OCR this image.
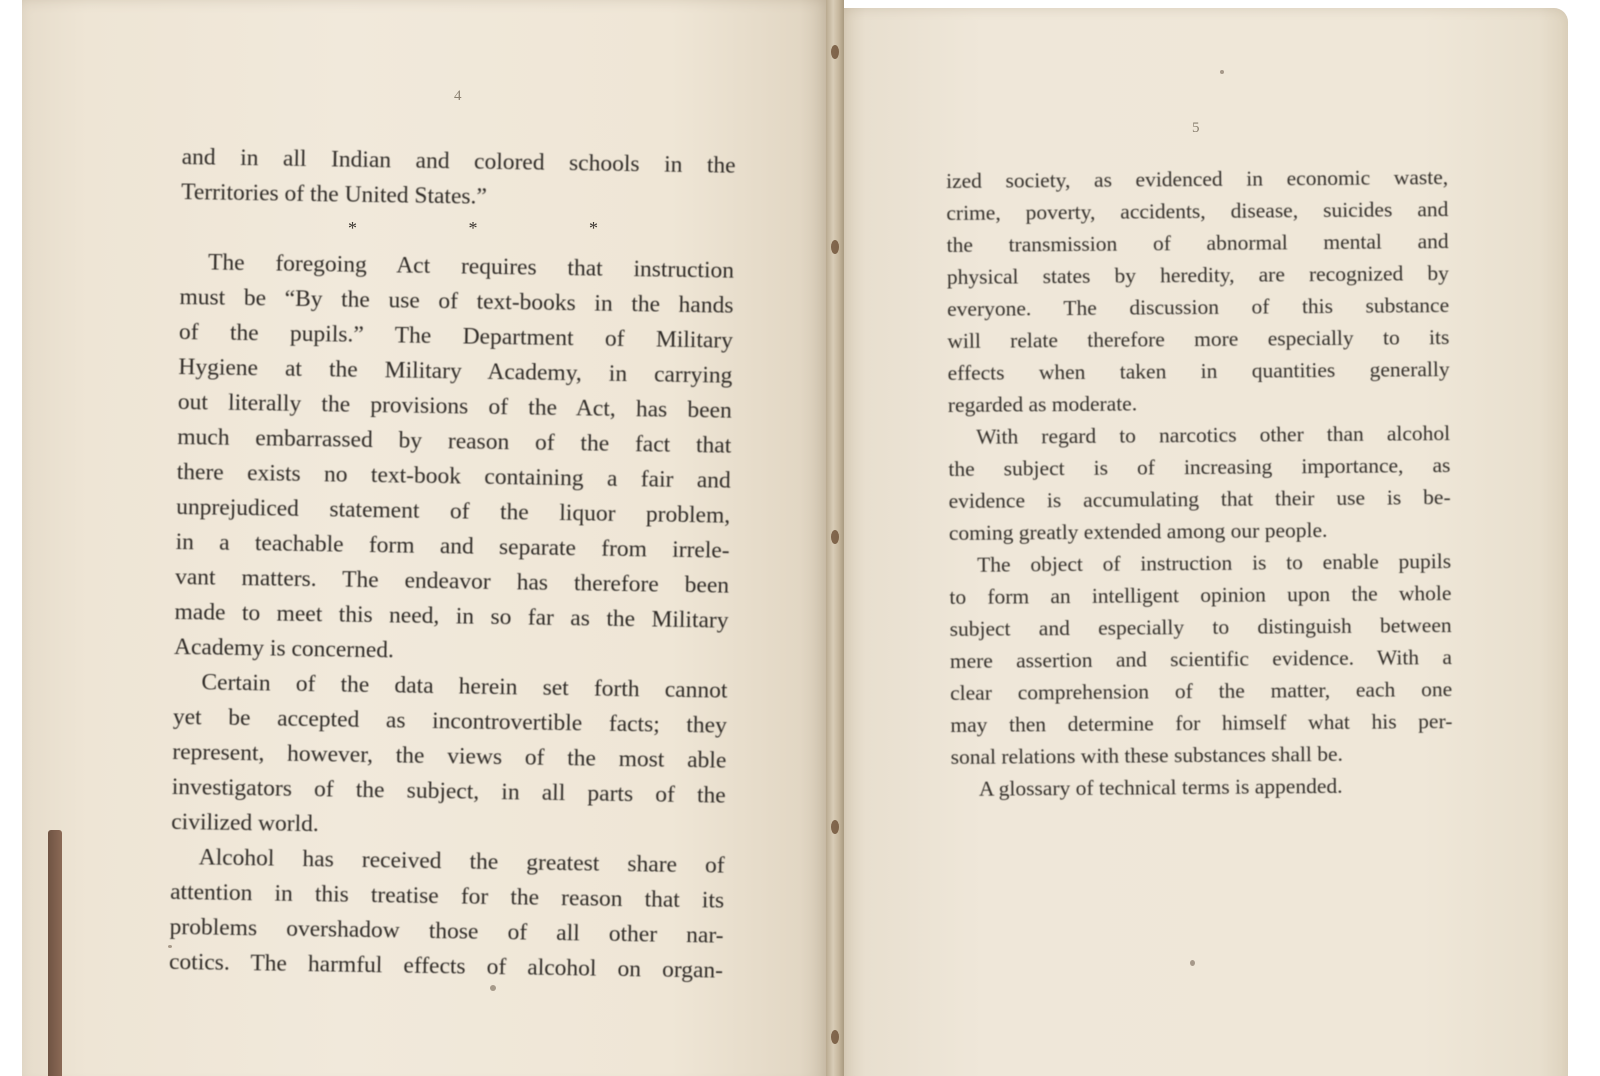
4
5
and in all Indian and colored schools in the
Territories of the United States.”

The foregoing Act requires that instruction
must be “By the use of text-books in the hands
of the pupils.” The Department of Military
Hygiene at the Military Academy, in carrying
out literally the provisions of the Act, has been
much embarrassed by reason of the fact that
there exists no text-book containing a fair and
unprejudiced statement of the liquor problem,
in a teachable form and separate from irrele-
vant matters. The endeavor has therefore been
made to meet this need, in so far as the Military
Academy is concerned.

Certain of the data herein set forth cannot
yet be accepted as incontrovertible facts; they
represent, however, the views of the most able
investigators of the subject, in all parts of the
civilized world.

Alcohol has received the greatest share of
attention in this treatise for the reason that its
problems overshadow those of all other nar-
cotics. The harmful effects of alcohol on organ-

*	*	*

ized society, as evidenced in economic waste,
crime, poverty, accidents, disease, suicides and
the transmission of abnormal mental and
physical states by heredity, are recognized by
everyone. The discussion of this substance
will relate therefore more especially to its
effects when taken in quantities generally
regarded as moderate.

With regard to narcotics other than alcohol
the subject is of increasing importance, as
evidence is accumulating that their use is be-
coming greatly extended among our people.

The object of instruction is to enable pupils
to form an intelligent opinion upon the whole
subject and especially to distinguish between
mere assertion and scientific evidence. With a
clear comprehension of the matter, each one
may then determine for himself what his per-
sonal relations with these substances shall be.

A glossary of technical terms is appended.
